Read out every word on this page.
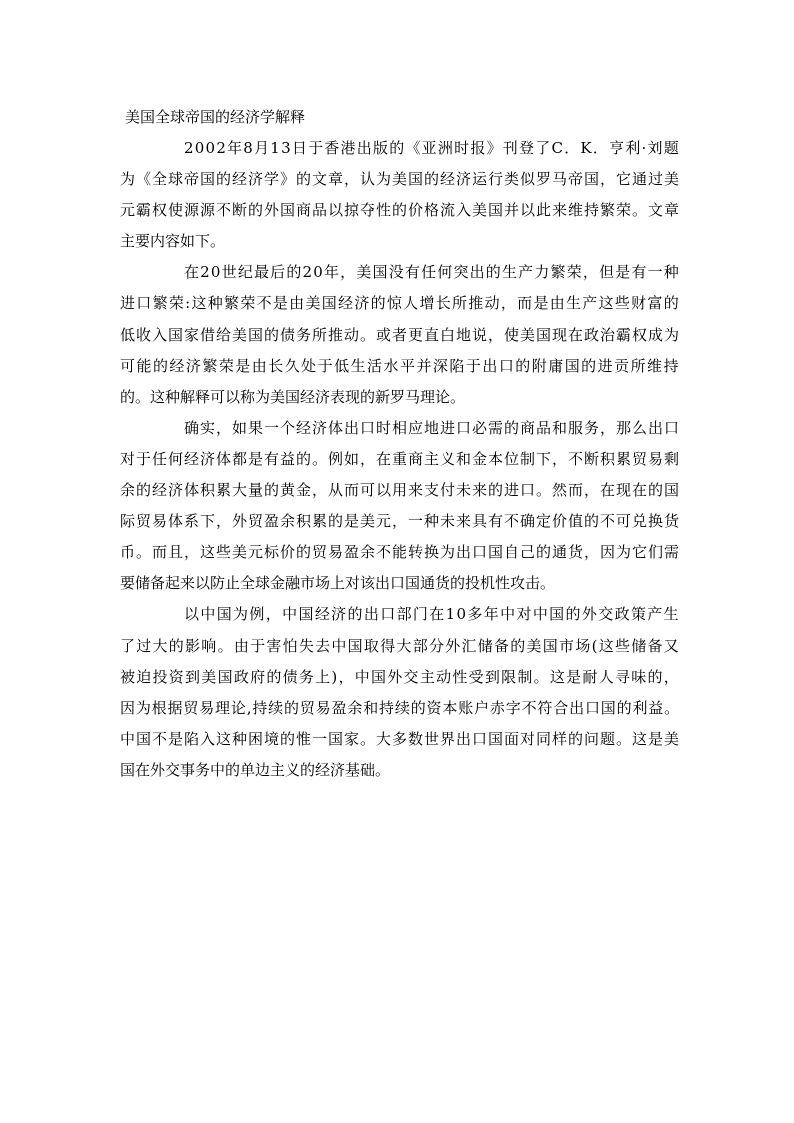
美国全球帝国的经济学解释
2002年8月13日于香港出版的《亚洲时报》刊登了C．K．亨利·刘题
为《全球帝国的经济学》的文章，认为美国的经济运行类似罗马帝国，它通过美
元霸权使源源不断的外国商品以掠夺性的价格流入美国并以此来维持繁荣。文章
主要内容如下。
在20世纪最后的20年，美国没有任何突出的生产力繁荣，但是有一种
进口繁荣:这种繁荣不是由美国经济的惊人增长所推动，而是由生产这些财富的
低收入国家借给美国的债务所推动。或者更直白地说，使美国现在政治霸权成为
可能的经济繁荣是由长久处于低生活水平并深陷于出口的附庸国的进贡所维持
的。这种解释可以称为美国经济表现的新罗马理论。
确实，如果一个经济体出口时相应地进口必需的商品和服务，那么出口
对于任何经济体都是有益的。例如，在重商主义和金本位制下，不断积累贸易剩
余的经济体积累大量的黄金，从而可以用来支付未来的进口。然而，在现在的国
际贸易体系下，外贸盈余积累的是美元，一种未来具有不确定价值的不可兑换货
币。而且，这些美元标价的贸易盈余不能转换为出口国自己的通货，因为它们需
要储备起来以防止全球金融市场上对该出口国通货的投机性攻击。
以中国为例，中国经济的出口部门在10多年中对中国的外交政策产生
了过大的影响。由于害怕失去中国取得大部分外汇储备的美国市场(这些储备又
被迫投资到美国政府的债务上)，中国外交主动性受到限制。这是耐人寻味的，
因为根据贸易理论,持续的贸易盈余和持续的资本账户赤字不符合出口国的利益。
中国不是陷入这种困境的惟一国家。大多数世界出口国面对同样的问题。这是美
国在外交事务中的单边主义的经济基础。
